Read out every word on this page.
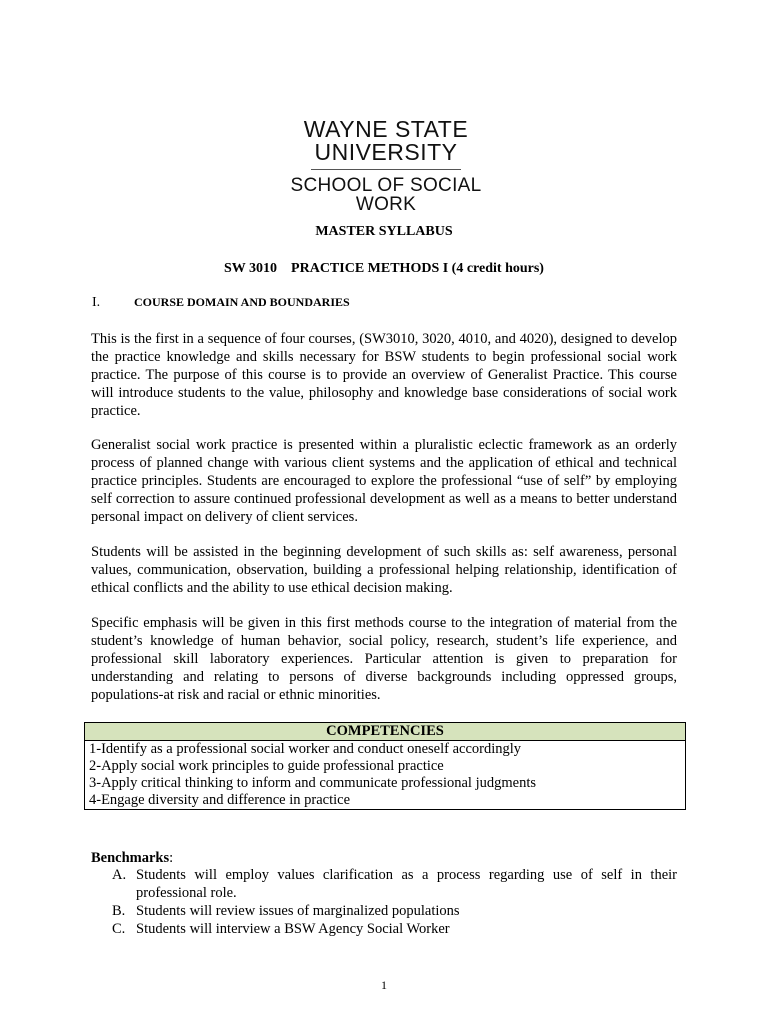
WAYNE STATE

UNIVERSITY

SCHOOL OF SOCIAL WORK

MASTER SYLLABUS
SW 3010    PRACTICE METHODS I (4 credit hours)
I.	COURSE DOMAIN AND BOUNDARIES

This is the first in a sequence of four courses, (SW3010, 3020, 4010, and 4020), designed to develop the practice knowledge and skills necessary for BSW students to begin professional social work practice. The purpose of this course is to provide an overview of Generalist Practice. This course will introduce students to the value, philosophy and knowledge base considerations of social work practice.

Generalist social work practice is presented within a pluralistic eclectic framework as an orderly process of planned change with various client systems and the application of ethical and technical practice principles. Students are encouraged to explore the professional “use of self” by employing self correction to assure continued professional development as well as a means to better understand personal impact on delivery of client services.

Students will be assisted in the beginning development of such skills as: self awareness, personal values, communication, observation, building a professional helping relationship, identification of ethical conflicts and the ability to use ethical decision making.

Specific emphasis will be given in this first methods course to the integration of material from the student’s knowledge of human behavior, social policy, research, student’s life experience, and professional skill laboratory experiences. Particular attention is given to preparation for understanding and relating to persons of diverse backgrounds including oppressed groups, populations-at risk and racial or ethnic minorities.

COMPETENCIES
1-Identify as a professional social worker and conduct oneself accordingly
2-Apply social work principles to guide professional practice
3-Apply critical thinking to inform and communicate professional judgments
4-Engage diversity and difference in practice
Benchmarks:
A. Students will employ values clarification as a process regarding use of self in their professional role.
B. Students will review issues of marginalized populations
C. Students will interview a BSW Agency Social Worker
1
